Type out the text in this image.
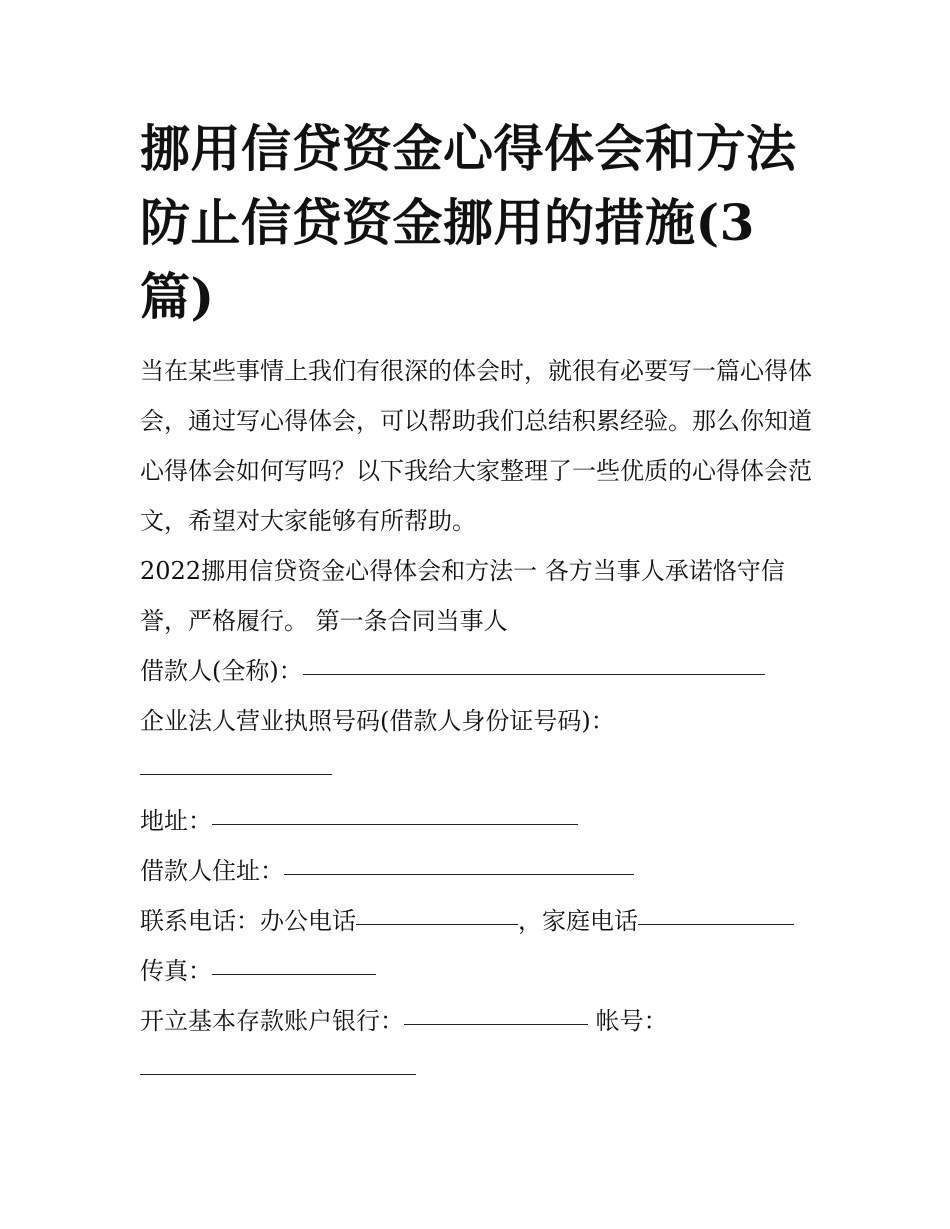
挪用信贷资金心得体会和方法防止信贷资金挪用的措施(3篇)

当在某些事情上我们有很深的体会时，就很有必要写一篇心得体会，通过写心得体会，可以帮助我们总结积累经验。那么你知道心得体会如何写吗？以下我给大家整理了一些优质的心得体会范文，希望对大家能够有所帮助。

2022挪用信贷资金心得体会和方法一 各方当事人承诺恪守信誉，严格履行。 第一条合同当事人

借款人(全称)：
企业法人营业执照号码(借款人身份证号码)：
地址：
借款人住址：
联系电话：办公电话	，家庭电话
传真：
开立基本存款账户银行：	帐号：
